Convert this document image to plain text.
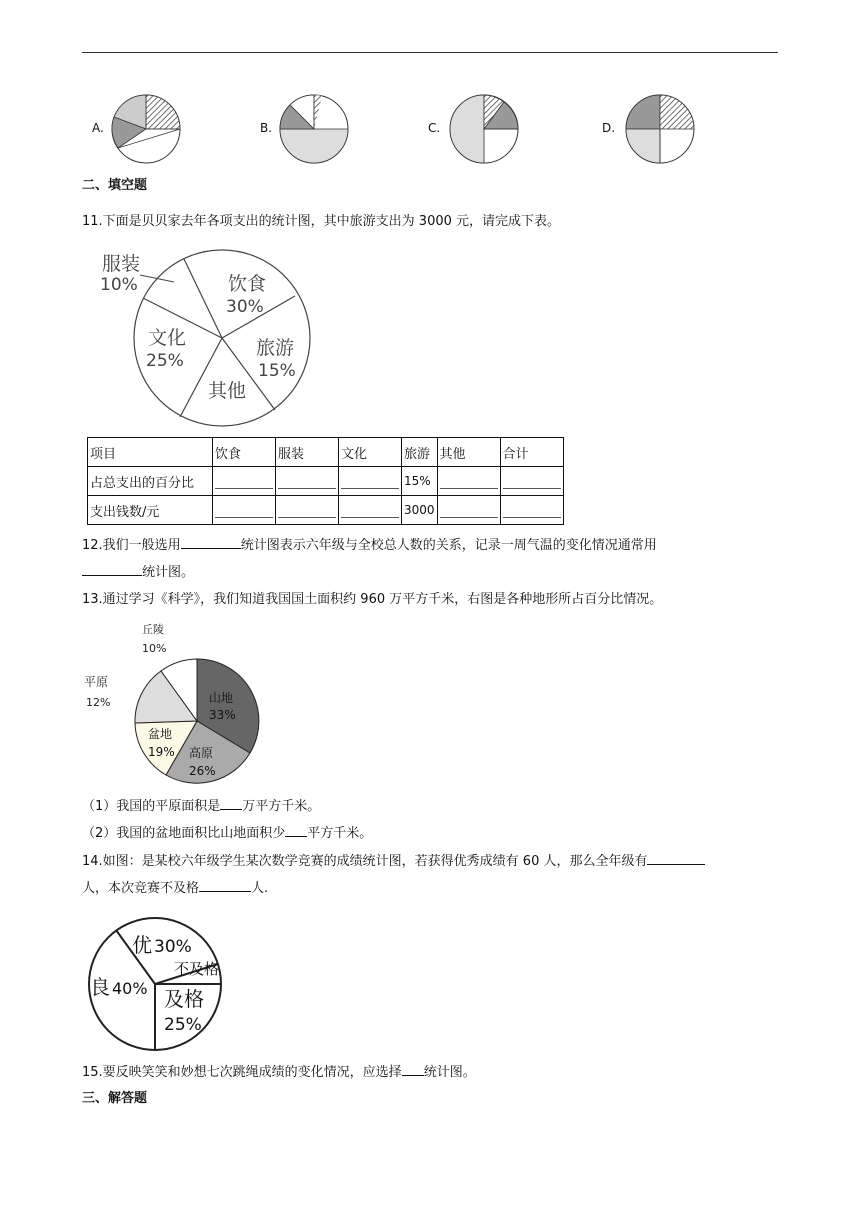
A.	B.	C.	D.
二、填空题
11.下面是贝贝家去年各项支出的统计图，其中旅游支出为 3000 元，请完成下表。
服装
10%	饮食
30%
文化
25%
旅游
15%
其他
项目	饮食	服装	文化	旅游	其他	合计
占总支出的百分比				15%	

支出钱数/元				3000	

12.我们一般选用	统计图表示六年级与全校总人数的关系，记录一周气温的变化情况通常用
统计图。
13.通过学习《科学》，我们知道我国国土面积约 960 万平方千米，右图是各种地形所占百分比情况。
丘陵
10%
山地
33%
高原
26%
盆地
19%
平原
12%
（1）我国的平原面积是 万平方千米。
（2）我国的盆地面积比山地面积少 平方千米。
14.如图：是某校六年级学生某次数学竞赛的成绩统计图，若获得优秀成绩有 60 人，那么全年级有
人，本次竞赛不及格	人.
优 30%
不及格
良 40% 及格
25%
15.要反映笑笑和妙想七次跳绳成绩的变化情况，应选择 统计图。
三、解答题
